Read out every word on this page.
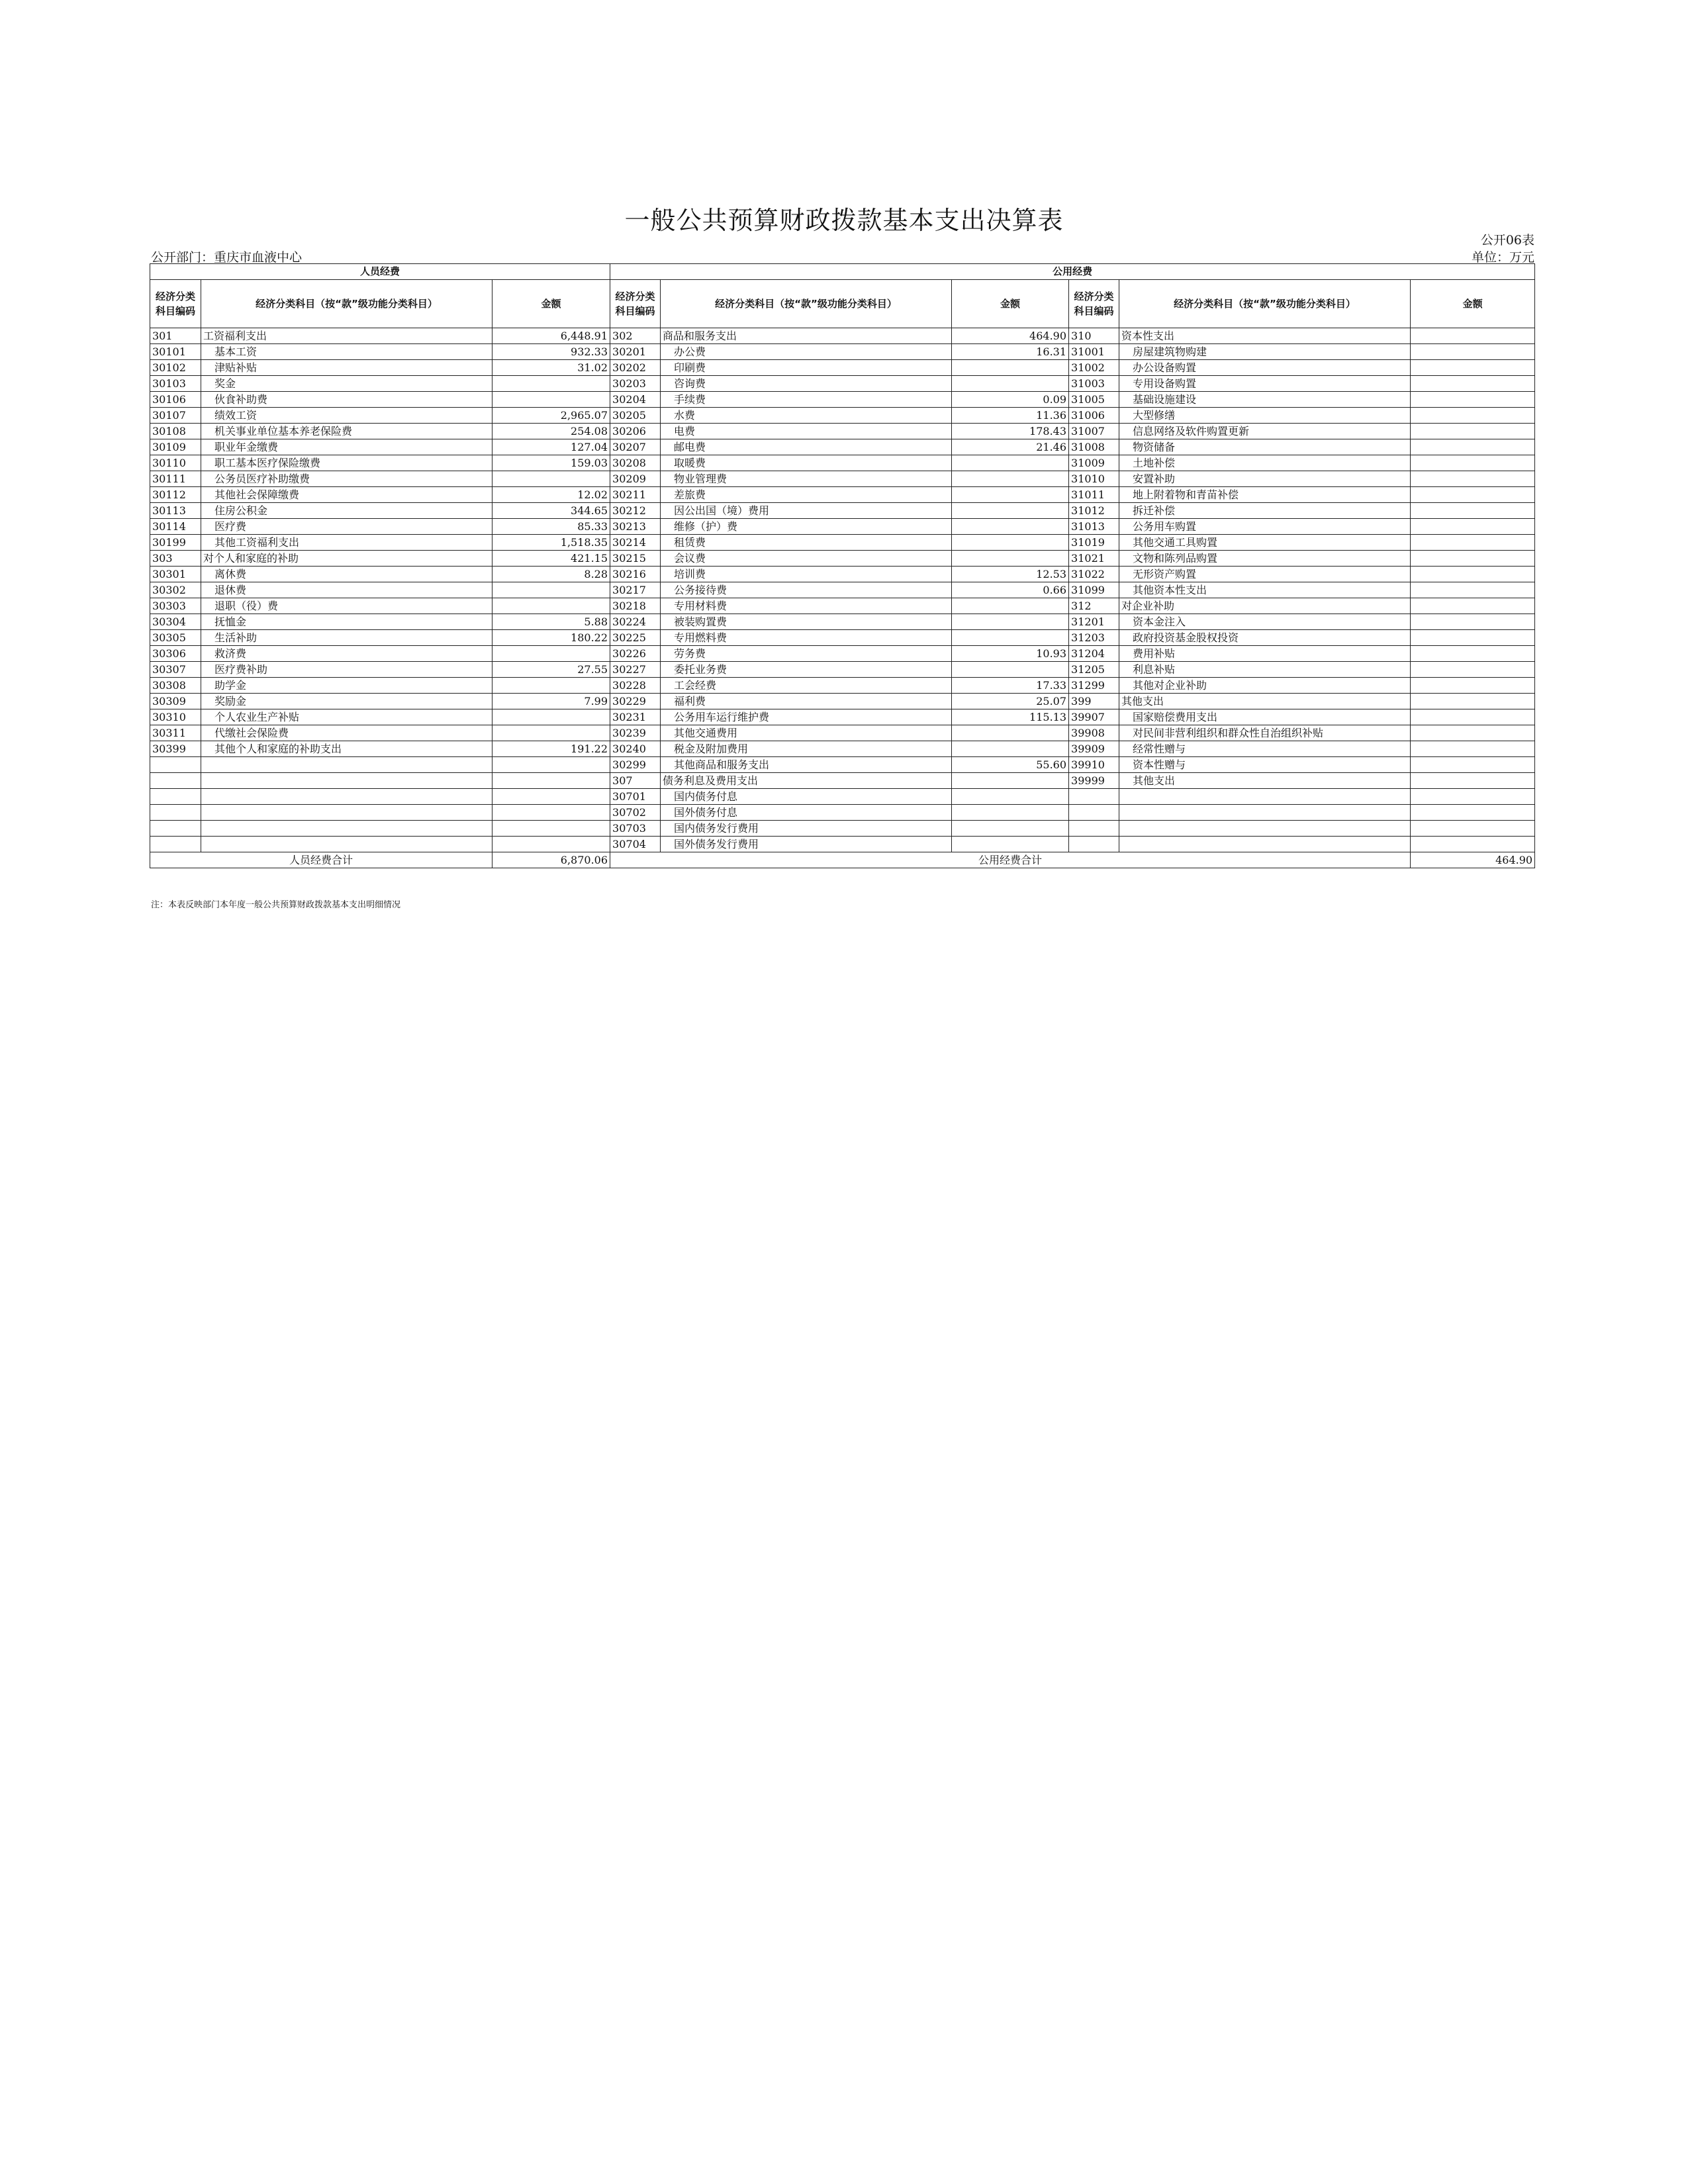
一般公共预算财政拨款基本支出决算表
公开06表
公开部门：重庆市血液中心	单位：万元
人员经费			公用经费					
经济分类科目编码	经济分类科目（按“款”级功能分类科目）	金额	经济分类科目编码	经济分类科目（按“款”级功能分类科目）	金额	经济分类科目编码	经济分类科目（按“款”级功能分类科目）	金额
301	工资福利支出	6,448.91	302	商品和服务支出	464.90	310	资本性支出	
30101	基本工资	932.33	30201	办公费	16.31	31001	房屋建筑物购建	
30102	津贴补贴	31.02	30202	印刷费		31002	办公设备购置	
30103	奖金		30203	咨询费		31003	专用设备购置	
30106	伙食补助费		30204	手续费	0.09	31005	基础设施建设	
30107	绩效工资	2,965.07	30205	水费	11.36	31006	大型修缮	
30108	机关事业单位基本养老保险费	254.08	30206	电费	178.43	31007	信息网络及软件购置更新	
30109	职业年金缴费	127.04	30207	邮电费	21.46	31008	物资储备	
30110	职工基本医疗保险缴费	159.03	30208	取暖费		31009	土地补偿	
30111	公务员医疗补助缴费		30209	物业管理费		31010	安置补助	
30112	其他社会保障缴费	12.02	30211	差旅费		31011	地上附着物和青苗补偿	
30113	住房公积金	344.65	30212	因公出国（境）费用		31012	拆迁补偿	
30114	医疗费	85.33	30213	维修（护）费		31013	公务用车购置	
30199	其他工资福利支出	1,518.35	30214	租赁费		31019	其他交通工具购置	
303	对个人和家庭的补助	421.15	30215	会议费		31021	文物和陈列品购置	
30301	离休费	8.28	30216	培训费	12.53	31022	无形资产购置	
30302	退休费		30217	公务接待费	0.66	31099	其他资本性支出	
30303	退职（役）费		30218	专用材料费		312	对企业补助	
30304	抚恤金	5.88	30224	被装购置费		31201	资本金注入	
30305	生活补助	180.22	30225	专用燃料费		31203	政府投资基金股权投资	
30306	救济费		30226	劳务费	10.93	31204	费用补贴	
30307	医疗费补助	27.55	30227	委托业务费		31205	利息补贴	
30308	助学金		30228	工会经费	17.33	31299	其他对企业补助	
30309	奖励金	7.99	30229	福利费	25.07	399	其他支出	
30310	个人农业生产补贴		30231	公务用车运行维护费	115.13	39907	国家赔偿费用支出	
30311	代缴社会保险费		30239	其他交通费用		39908	对民间非营利组织和群众性自治组织补贴	
30399	其他个人和家庭的补助支出	191.22	30240	税金及附加费用		39909	经常性赠与	
			30299	其他商品和服务支出	55.60	39910	资本性赠与	
			307	债务利息及费用支出		39999	其他支出	
			30701	国内债务付息				
			30702	国外债务付息				
			30703	国内债务发行费用				
			30704	国外债务发行费用				
人员经费合计		6,870.06	公用经费合计					464.90
注：本表反映部门本年度一般公共预算财政拨款基本支出明细情况
